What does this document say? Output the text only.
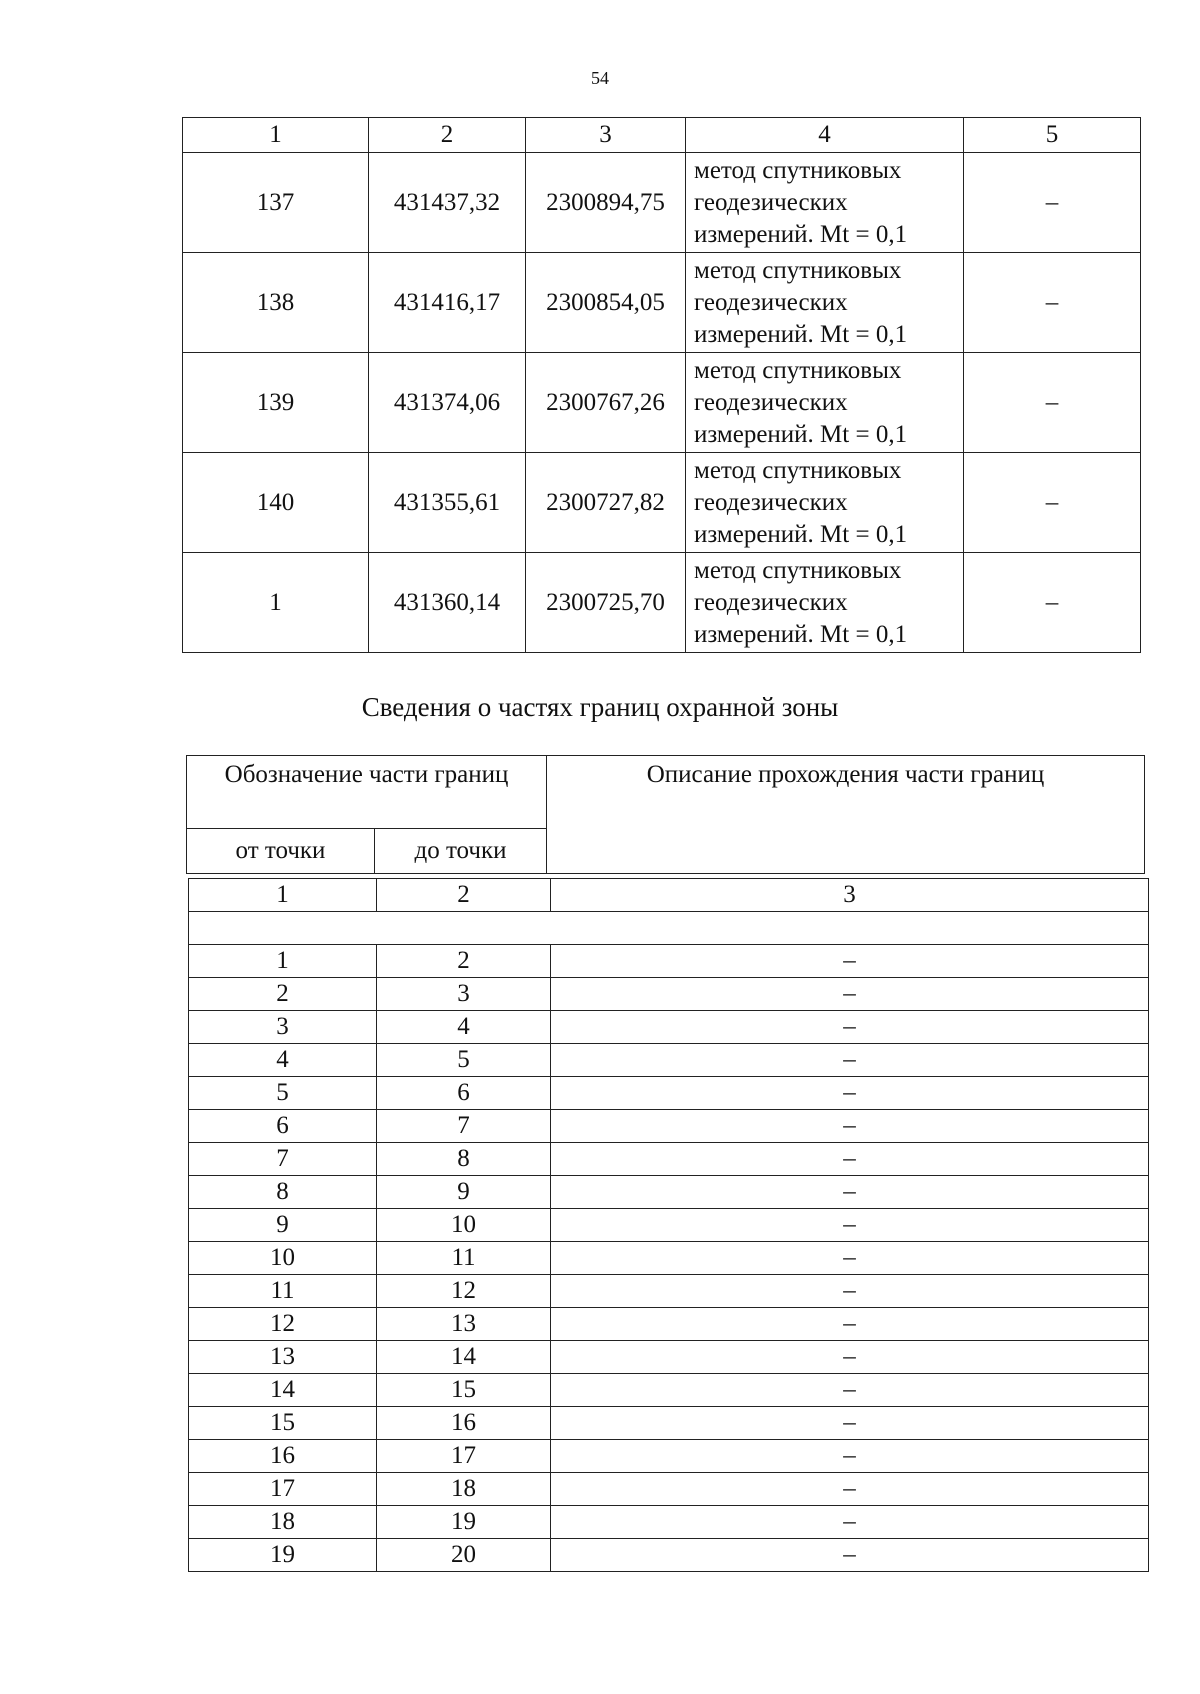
54
1	2	3	4	5
137	431437,32	2300894,75	метод спутниковых
геодезических
измерений. Mt = 0,1	–
138	431416,17	2300854,05	метод спутниковых
геодезических
измерений. Mt = 0,1	–
139	431374,06	2300767,26	метод спутниковых
геодезических
измерений. Mt = 0,1	–
140	431355,61	2300727,82	метод спутниковых
геодезических
измерений. Mt = 0,1	–
1	431360,14	2300725,70	метод спутниковых
геодезических
измерений. Mt = 0,1	–
Сведения о частях границ охранной зоны
Обозначение части границ		Описание прохождения части границ
от точки	до точки	
1	2	3

1	2	–
2	3	–
3	4	–
4	5	–
5	6	–
6	7	–
7	8	–
8	9	–
9	10	–
10	11	–
11	12	–
12	13	–
13	14	–
14	15	–
15	16	–
16	17	–
17	18	–
18	19	–
19	20	–
